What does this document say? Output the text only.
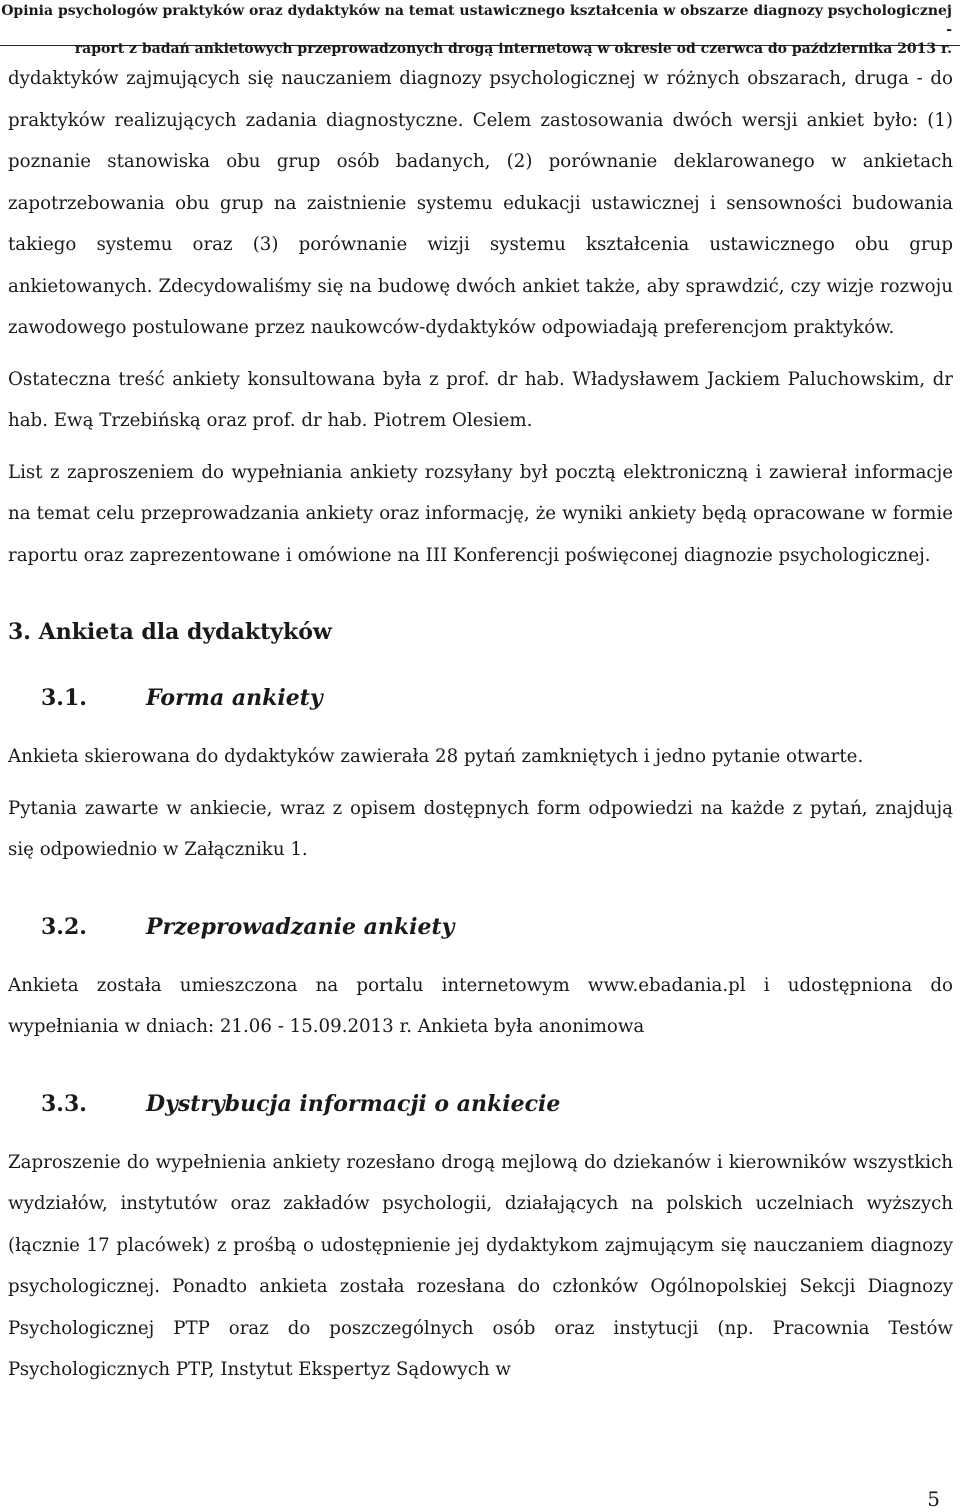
Opinia psychologów praktyków oraz dydaktyków na temat ustawicznego kształcenia w obszarze diagnozy psychologicznej -
raport z badań ankietowych przeprowadzonych drogą internetową w okresie od czerwca do października 2013 r.

dydaktyków zajmujących się nauczaniem diagnozy psychologicznej w różnych obszarach, druga - do praktyków realizujących zadania diagnostyczne. Celem zastosowania dwóch wersji ankiet było: (1) poznanie stanowiska obu grup osób badanych, (2) porównanie deklarowanego w ankietach zapotrzebowania obu grup na zaistnienie systemu edukacji ustawicznej i sensowności budowania takiego systemu oraz (3) porównanie wizji systemu kształcenia ustawicznego obu grup ankietowanych. Zdecydowaliśmy się na budowę dwóch ankiet także, aby sprawdzić, czy wizje rozwoju zawodowego postulowane przez naukowców-dydaktyków odpowiadają preferencjom praktyków.

Ostateczna treść ankiety konsultowana była z prof. dr hab. Władysławem Jackiem Paluchowskim, dr hab. Ewą Trzebińską oraz prof. dr hab. Piotrem Olesiem.

List z zaproszeniem do wypełniania ankiety rozsyłany był pocztą elektroniczną i zawierał informacje na temat celu przeprowadzania ankiety oraz informację, że wyniki ankiety będą opracowane w formie raportu oraz zaprezentowane i omówione na III Konferencji poświęconej diagnozie psychologicznej.

3. Ankieta dla dydaktyków
3.1.	Forma ankiety

Ankieta skierowana do dydaktyków zawierała 28 pytań zamkniętych i jedno pytanie otwarte.

Pytania zawarte w ankiecie, wraz z opisem dostępnych form odpowiedzi na każde z pytań, znajdują się odpowiednio w Załączniku 1.

3.2.	Przeprowadzanie ankiety

Ankieta została umieszczona na portalu internetowym www.ebadania.pl i udostępniona do wypełniania w dniach: 21.06 - 15.09.2013 r. Ankieta była anonimowa

3.3.	Dystrybucja informacji o ankiecie

Zaproszenie do wypełnienia ankiety rozesłano drogą mejlową do dziekanów i kierowników wszystkich wydziałów, instytutów oraz zakładów psychologii, działających na polskich uczelniach wyższych (łącznie 17 placówek) z prośbą o udostępnienie jej dydaktykom zajmującym się nauczaniem diagnozy psychologicznej. Ponadto ankieta została rozesłana do członków Ogólnopolskiej Sekcji Diagnozy Psychologicznej PTP oraz do poszczególnych osób oraz instytucji (np. Pracownia Testów Psychologicznych PTP, Instytut Ekspertyz Sądowych w

5
